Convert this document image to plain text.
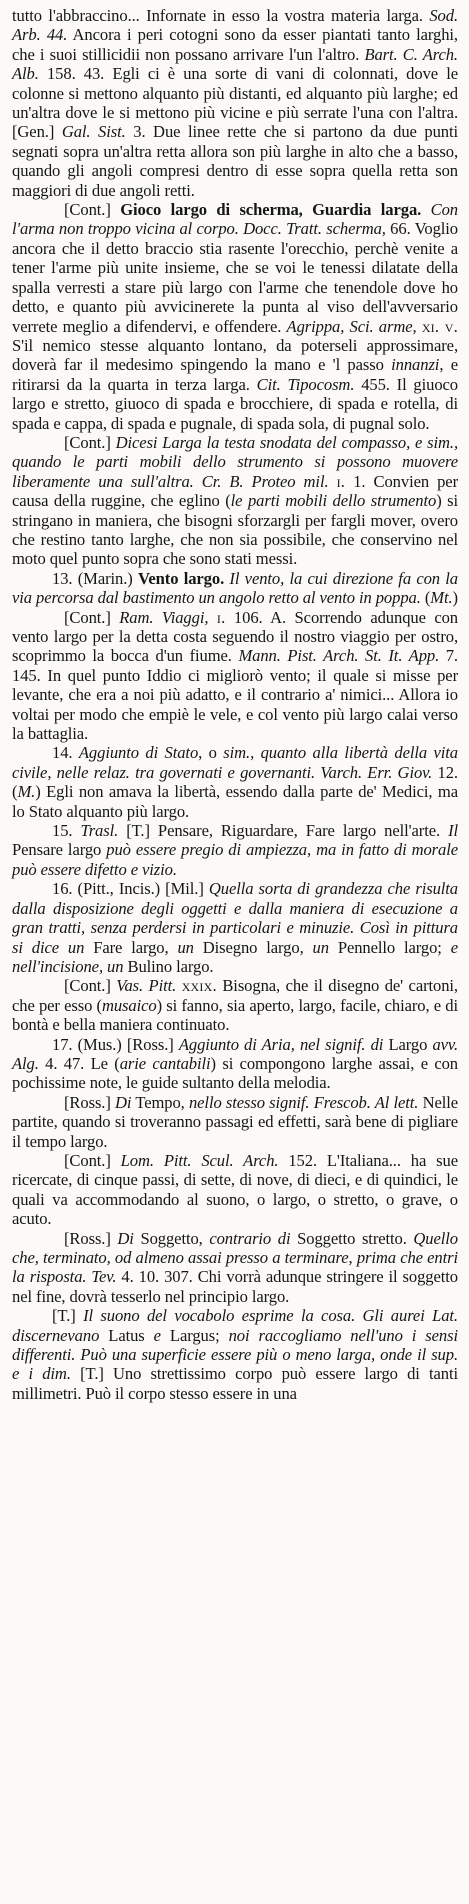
tutto l'abbraccino... Infornate in esso la vostra materia larga. Sod. Arb. 44. Ancora i peri cotogni sono da esser piantati tanto larghi, che i suoi stillicidii non possano arrivare l'un l'altro. Bart. C. Arch. Alb. 158. 43. Egli ci è una sorte di vani di colonnati, dove le colonne si mettono alquanto più distanti, ed alquanto più larghe; ed un'altra dove le si mettono più vicine e più serrate l'una con l'altra. [Gen.] Gal. Sist. 3. Due linee rette che si partono da due punti segnati sopra un'altra retta allora son più larghe in alto che a basso, quando gli angoli compresi dentro di esse sopra quella retta son maggiori di due angoli retti.

[Cont.] Gioco largo di scherma, Guardia larga. Con l'arma non troppo vicina al corpo. Docc. Tratt. scherma, 66. Voglio ancora che il detto braccio stia rasente l'orecchio, perchè venite a tener l'arme più unite insieme, che se voi le tenessi dilatate della spalla verresti a stare più largo con l'arme che tenendole dove ho detto, e quanto più avvicinerete la punta al viso dell'avversario verrete meglio a difendervi, e offendere. Agrippa, Sci. arme, xi. v. S'il nemico stesse alquanto lontano, da poterseli approssimare, doverà far il medesimo spingendo la mano e 'l passo innanzi, e ritirarsi da la quarta in terza larga. Cit. Tipocosm. 455. Il giuoco largo e stretto, giuoco di spada e brocchiere, di spada e rotella, di spada e cappa, di spada e pugnale, di spada sola, di pugnal solo.

[Cont.] Dicesi Larga la testa snodata del compasso, e sim., quando le parti mobili dello strumento si possono muovere liberamente una sull'altra. Cr. B. Proteo mil. i. 1. Convien per causa della ruggine, che eglino (le parti mobili dello strumento) si stringano in maniera, che bisogni sforzargli per fargli mover, overo che restino tanto larghe, che non sia possibile, che conservino nel moto quel punto sopra che sono stati messi.

13. (Marin.) Vento largo. Il vento, la cui direzione fa con la via percorsa dal bastimento un angolo retto al vento in poppa. (Mt.)

[Cont.] Ram. Viaggi, i. 106. A. Scorrendo adunque con vento largo per la detta costa seguendo il nostro viaggio per ostro, scoprimmo la bocca d'un fiume. Mann. Pist. Arch. St. It. App. 7. 145. In quel punto Iddio ci migliorò vento; il quale si misse per levante, che era a noi più adatto, e il contrario a' nimici... Allora io voltai per modo che empiè le vele, e col vento più largo calai verso la battaglia.

14. Aggiunto di Stato, o sim., quanto alla libertà della vita civile, nelle relaz. tra governati e governanti. Varch. Err. Giov. 12. (M.) Egli non amava la libertà, essendo dalla parte de' Medici, ma lo Stato alquanto più largo.

15. Trasl. [T.] Pensare, Riguardare, Fare largo nell'arte. Il Pensare largo può essere pregio di ampiezza, ma in fatto di morale può essere difetto e vizio.

16. (Pitt., Incis.) [Mil.] Quella sorta di grandezza che risulta dalla disposizione degli oggetti e dalla maniera di esecuzione a gran tratti, senza perdersi in particolari e minuzie. Così in pittura si dice un Fare largo, un Disegno largo, un Pennello largo; e nell'incisione, un Bulino largo.

[Cont.] Vas. Pitt. xxix. Bisogna, che il disegno de' cartoni, che per esso (musaico) si fanno, sia aperto, largo, facile, chiaro, e di bontà e bella maniera continuato.

17. (Mus.) [Ross.] Aggiunto di Aria, nel signif. di Largo avv. Alg. 4. 47. Le (arie cantabili) si compongono larghe assai, e con pochissime note, le guide sultanto della melodia.

[Ross.] Di Tempo, nello stesso signif. Frescob. Al lett. Nelle partite, quando si troveranno passagi ed effetti, sarà bene di pigliare il tempo largo.

[Cont.] Lom. Pitt. Scul. Arch. 152. L'Italiana... ha sue ricercate, di cinque passi, di sette, di nove, di dieci, e di quindici, le quali va accommodando al suono, o largo, o stretto, o grave, o acuto.

[Ross.] Di Soggetto, contrario di Soggetto stretto. Quello che, terminato, od almeno assai presso a terminare, prima che entri la risposta. Tev. 4. 10. 307. Chi vorrà adunque stringere il soggetto nel fine, dovrà tesserlo nel principio largo.

[T.] Il suono del vocabolo esprime la cosa. Gli aurei Lat. discernevano Latus e Largus; noi raccogliamo nell'uno i sensi differenti. Può una superficie essere più o meno larga, onde il sup. e i dim. [T.] Uno strettissimo corpo può essere largo di tanti millimetri. Può il corpo stesso essere in una
